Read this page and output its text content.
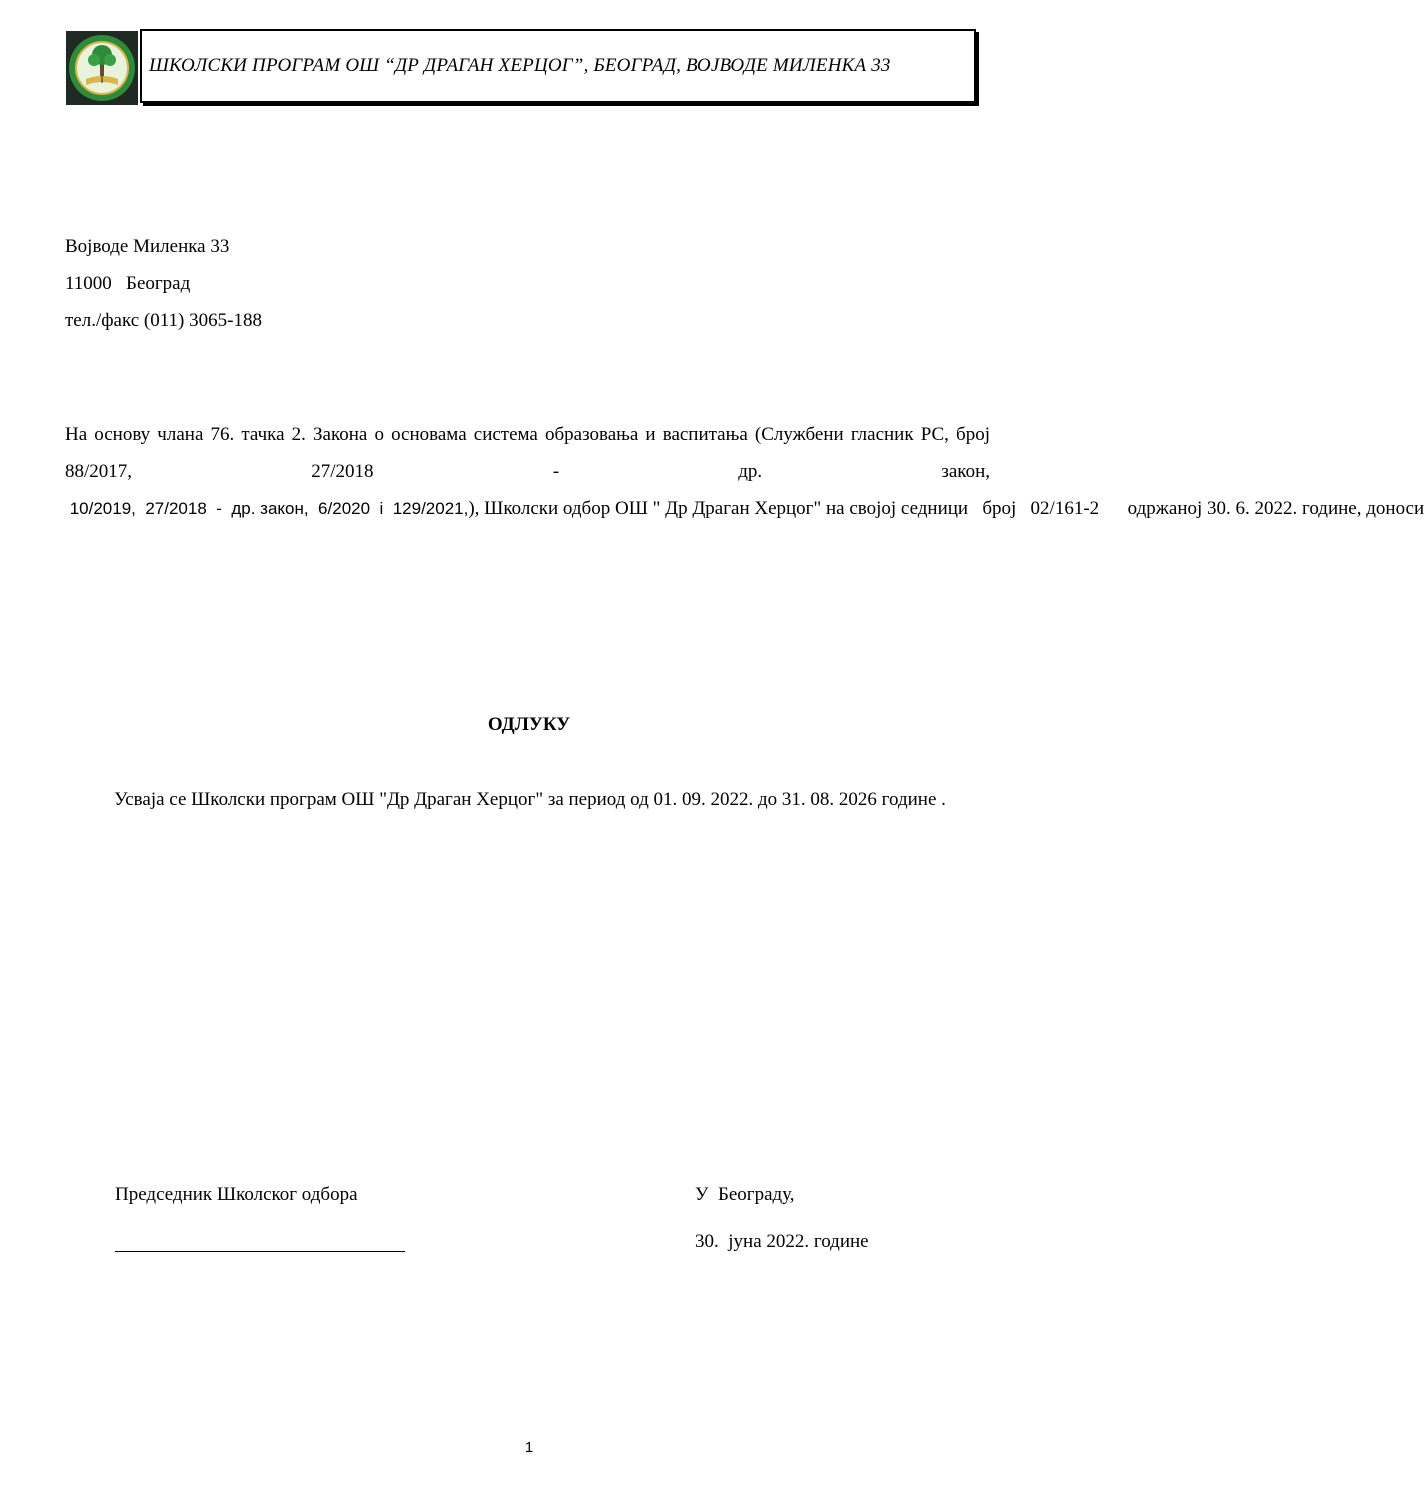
ШКОЛСКИ ПРОГРАМ ОШ “ДР ДРАГАН ХЕРЦОГ”, БЕОГРАД, ВОЈВОДЕ МИЛЕНКА 33
Војводе Миленка 33
11000   Београд
тел./факс (011) 3065-188

На основу члана 76. тачка 2. Закона о основама система образовања и васпитања (Службени гласник РС, број 88/2017, 27/2018 - др. закон,  10/2019,  27/2018  -  др. закон,  6/2020  і  129/2021,), Школски одбор ОШ " Др Драган Херцог" на својој седници   број   02/161-2      одржаној 30. 6. 2022. године, доноси

ОДЛУКУ
Усваја се Школски програм ОШ "Др Драган Херцог" за период од 01. 09. 2022. до 31. 08. 2026 године .
Председник Школског одбора	У  Београду,
30.  јуна 2022. године
1
